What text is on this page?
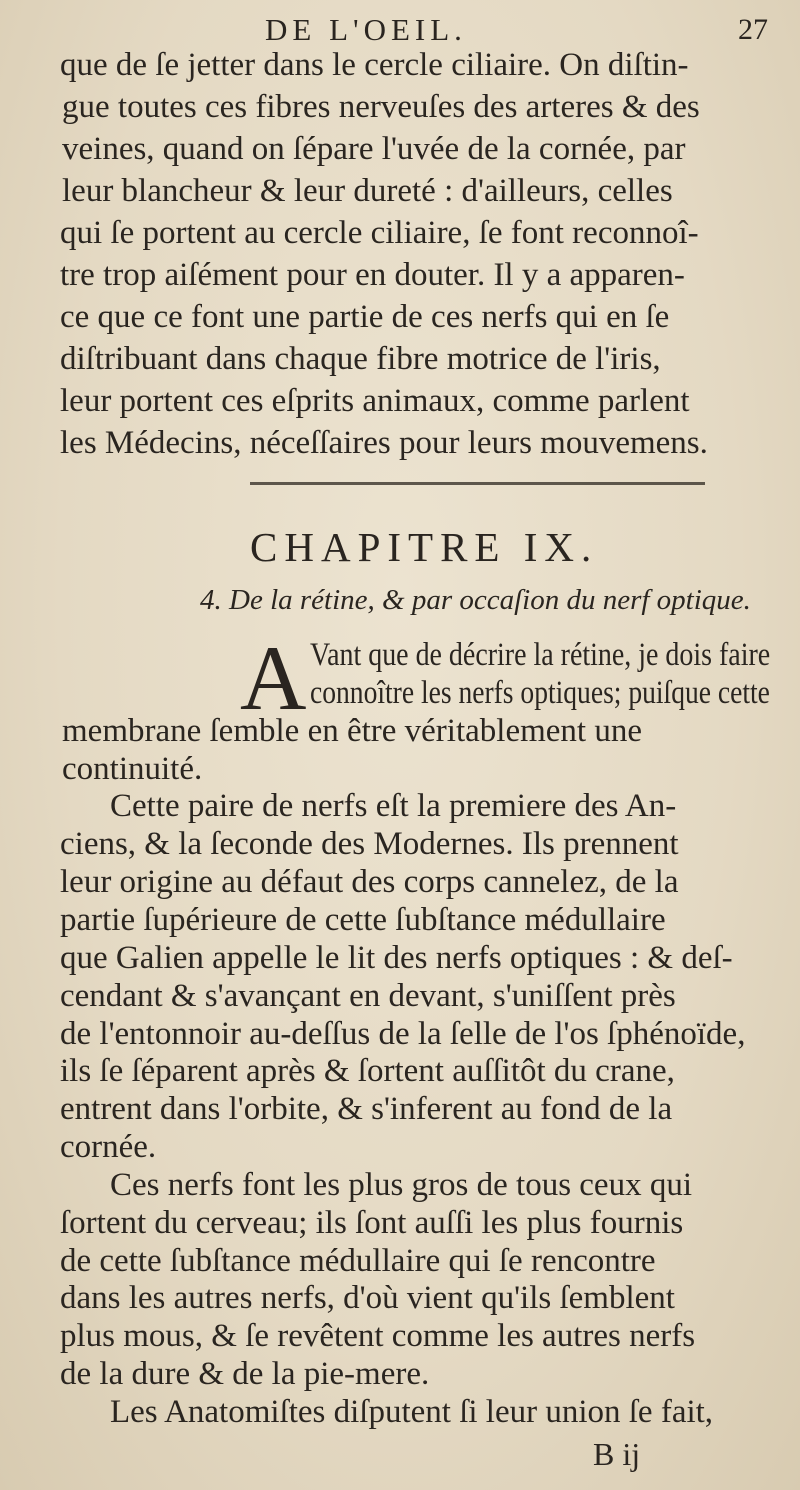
DE L'OEIL.	27
que de ſe jetter dans le cercle ciliaire. On diſtin-
gue toutes ces fibres nerveuſes des arteres & des
veines, quand on ſépare l'uvée de la cornée, par
leur blancheur & leur dureté : d'ailleurs, celles
qui ſe portent au cercle ciliaire, ſe font reconnoî-
tre trop aiſément pour en douter. Il y a apparen-
ce que ce font une partie de ces nerfs qui en ſe
diſtribuant dans chaque fibre motrice de l'iris,
leur portent ces eſprits animaux, comme parlent
les Médecins, néceſſaires pour leurs mouvemens.
CHAPITRE IX.
4. De la rétine, & par occaſion du nerf optique.
A Vant que de décrire la rétine, je dois faire
connoître les nerfs optiques; puiſque cette
membrane ſemble en être véritablement une
continuité.
Cette paire de nerfs eſt la premiere des An-
ciens, & la ſeconde des Modernes. Ils prennent
leur origine au défaut des corps cannelez, de la
partie ſupérieure de cette ſubſtance médullaire
que Galien appelle le lit des nerfs optiques : & deſ-
cendant & s'avançant en devant, s'uniſſent près
de l'entonnoir au-deſſus de la ſelle de l'os ſphénoïde,
ils ſe ſéparent après & ſortent auſſitôt du crane,
entrent dans l'orbite, & s'inferent au fond de la
cornée.
Ces nerfs font les plus gros de tous ceux qui
ſortent du cerveau; ils ſont auſſi les plus fournis
de cette ſubſtance médullaire qui ſe rencontre
dans les autres nerfs, d'où vient qu'ils ſemblent
plus mous, & ſe revêtent comme les autres nerfs
de la dure & de la pie-mere.
Les Anatomiſtes diſputent ſi leur union ſe fait,
B ij
